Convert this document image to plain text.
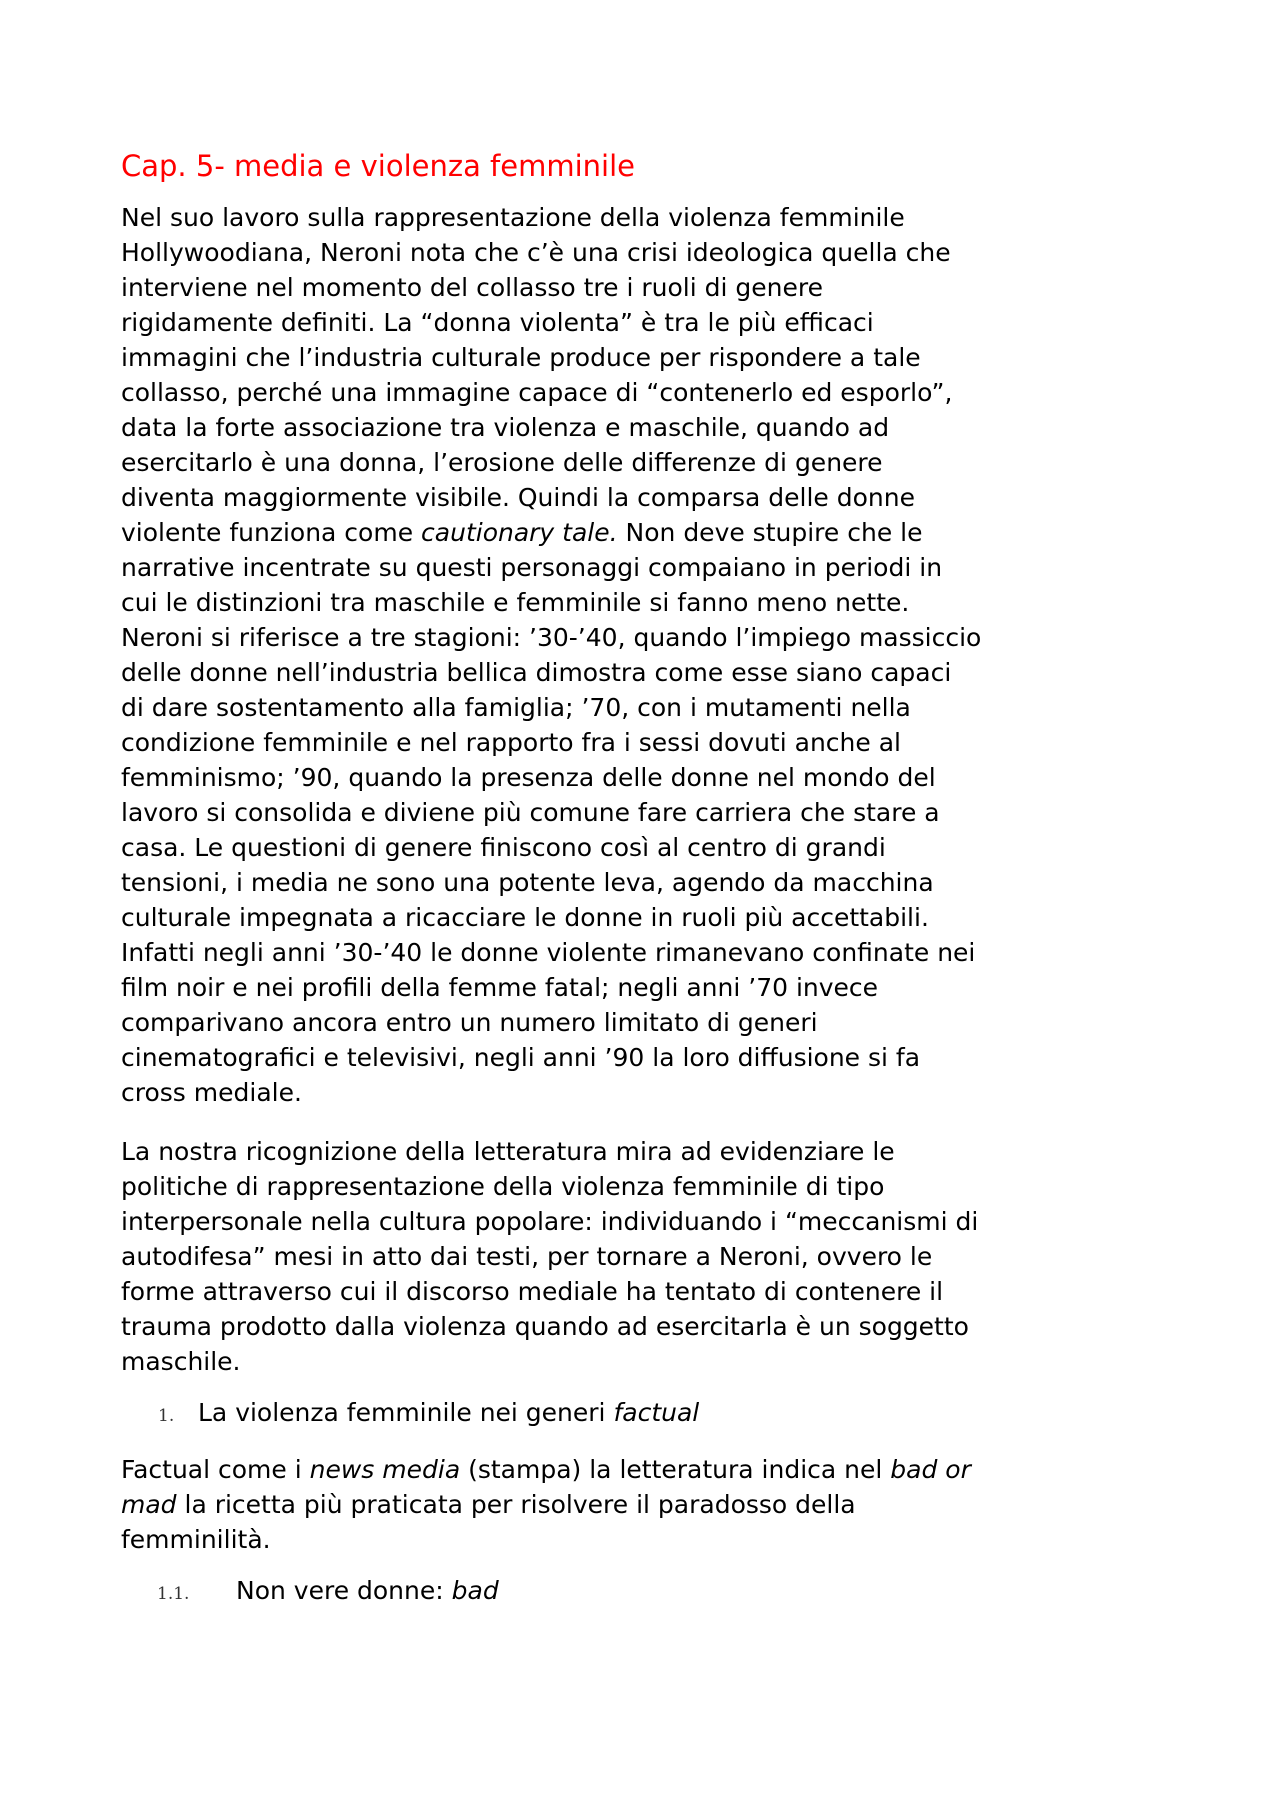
Cap. 5- media e violenza femminile

Nel suo lavoro sulla rappresentazione della violenza femminile
Hollywoodiana, Neroni nota che c’è una crisi ideologica quella che
interviene nel momento del collasso tre i ruoli di genere
rigidamente definiti. La “donna violenta” è tra le più efficaci
immagini che l’industria culturale produce per rispondere a tale
collasso, perché una immagine capace di “contenerlo ed esporlo”,
data la forte associazione tra violenza e maschile, quando ad
esercitarlo è una donna, l’erosione delle differenze di genere
diventa maggiormente visibile. Quindi la comparsa delle donne
violente funziona come cautionary tale. Non deve stupire che le
narrative incentrate su questi personaggi compaiano in periodi in
cui le distinzioni tra maschile e femminile si fanno meno nette.
Neroni si riferisce a tre stagioni: ’30-’40, quando l’impiego massiccio
delle donne nell’industria bellica dimostra come esse siano capaci
di dare sostentamento alla famiglia; ’70, con i mutamenti nella
condizione femminile e nel rapporto fra i sessi dovuti anche al
femminismo; ’90, quando la presenza delle donne nel mondo del
lavoro si consolida e diviene più comune fare carriera che stare a
casa. Le questioni di genere finiscono così al centro di grandi
tensioni, i media ne sono una potente leva, agendo da macchina
culturale impegnata a ricacciare le donne in ruoli più accettabili.
Infatti negli anni ’30-’40 le donne violente rimanevano confinate nei
film noir e nei profili della femme fatal; negli anni ’70 invece
comparivano ancora entro un numero limitato di generi
cinematografici e televisivi, negli anni ’90 la loro diffusione si fa
cross mediale.

La nostra ricognizione della letteratura mira ad evidenziare le
politiche di rappresentazione della violenza femminile di tipo
interpersonale nella cultura popolare: individuando i “meccanismi di
autodifesa” mesi in atto dai testi, per tornare a Neroni, ovvero le
forme attraverso cui il discorso mediale ha tentato di contenere il
trauma prodotto dalla violenza quando ad esercitarla è un soggetto
maschile.

1. La violenza femminile nei generi factual

Factual come i news media (stampa) la letteratura indica nel bad or
mad la ricetta più praticata per risolvere il paradosso della
femminilità.

1.1.	Non vere donne: bad
